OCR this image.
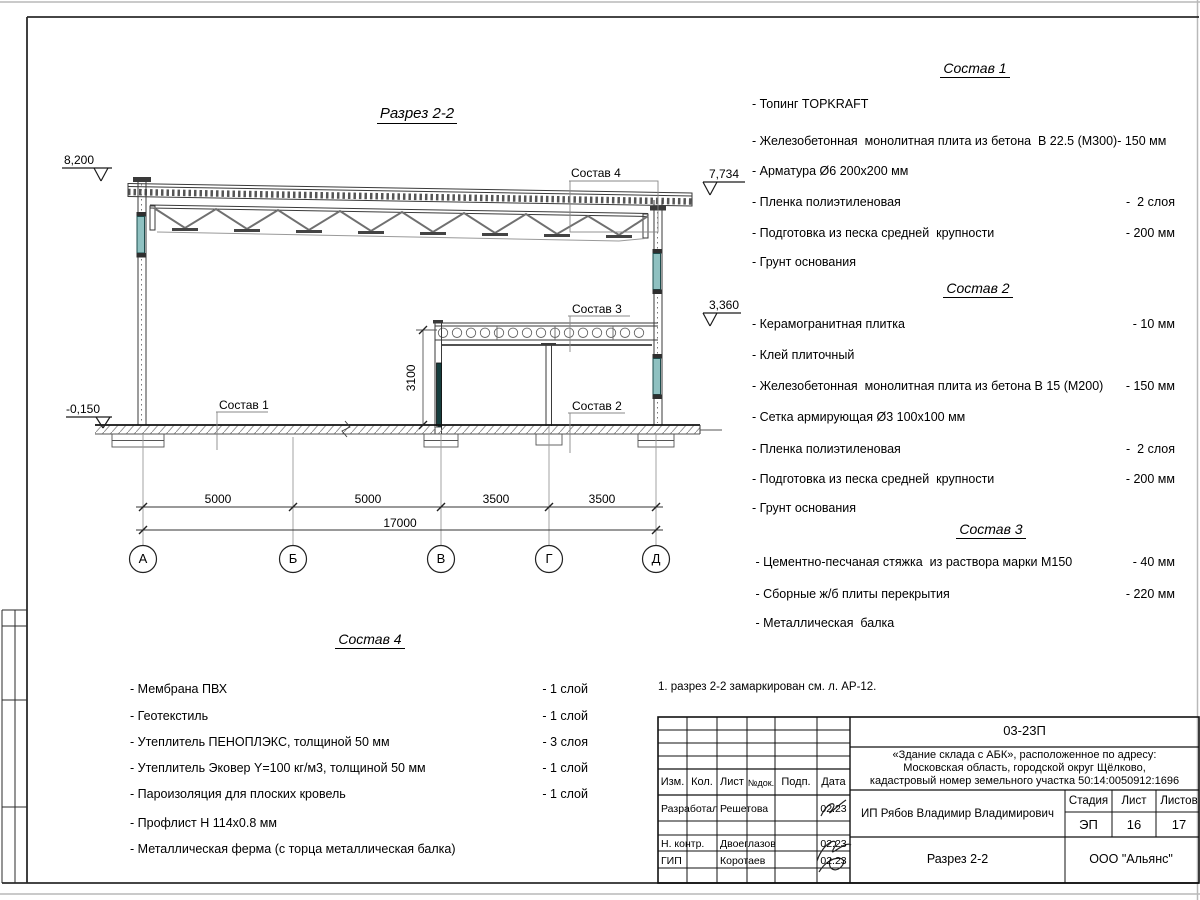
Разрез 2-2
8,200
7,734
3,360
-0,150
Состав 4
Состав 3
Состав 2
Состав 1
3100
5000	5000	3500	3500
17000
А	Б	В	Г	Д
Состав 1
- Топинг TOPKRAFT
- Железобетонная  монолитная плита из бетона  В 22.5 (М300)- 150 мм
- Арматура Ø6 200х200 мм
- Пленка полиэтиленовая	-  2 слоя
- Подготовка из песка средней  крупности	- 200 мм
- Грунт основания
Состав 2
- Керамогранитная плитка	- 10 мм
- Клей плиточный
- Железобетонная  монолитная плита из бетона В 15 (М200) - 150 мм
- Сетка армирующая Ø3 100х100 мм
- Пленка полиэтиленовая	-  2 слоя
- Подготовка из песка средней  крупности	- 200 мм
- Грунт основания
Состав 3
- Цементно-песчаная стяжка  из раствора марки М150	- 40 мм
- Сборные ж/б плиты перекрытия	- 220 мм
- Металлическая  балка
Состав 4
- Мембрана ПВХ	- 1 слой
- Геотекстиль	- 1 слой
- Утеплитель ПЕНОПЛЭКС, толщиной 50 мм	- 3 слоя
- Утеплитель Эковер Y=100 кг/м3, толщиной 50 мм	- 1 слой
- Пароизоляция для плоских кровель	- 1 слой
- Профлист Н 114х0.8 мм
- Металлическая ферма (с торца металлическая балка)
1. разрез 2-2 замаркирован см. л. АР-12.
03-23П
«Здание склада с АБК», расположенное по адресу:
Московская область, городской округ Щёлково,
кадастровый номер земельного участка 50:14:0050912:1696
Изм. Кол. Лист №док. Подп. Дата
Разработал Решетова	02.23
Н. контр. Двоеглазов	02.23
ГИП	Коротаев	02.23
ИП Рябов Владимир Владимирович
Стадия	Лист	Листов
ЭП	16	17
Разрез 2-2	ООО "Альянс"
